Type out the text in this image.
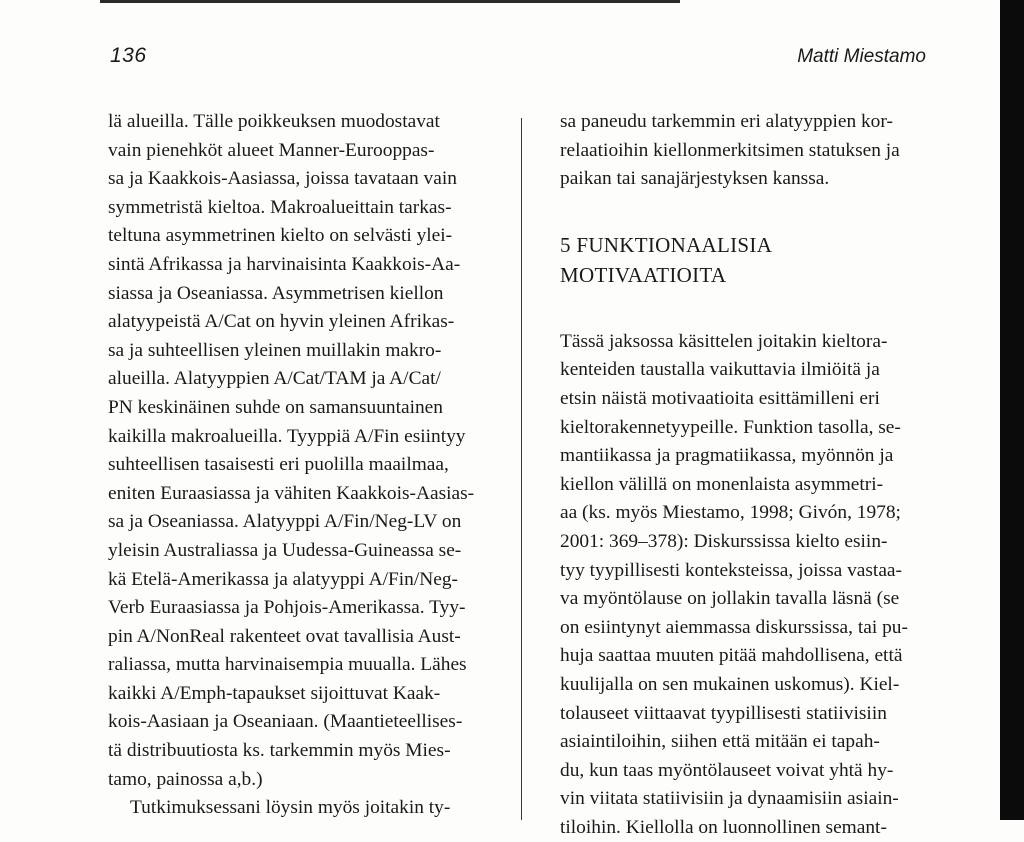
136	Matti Miestamo
lä alueilla. Tälle poikkeuksen muodostavat
vain pienehköt alueet Manner-Eurooppas-
sa ja Kaakkois-Aasiassa, joissa tavataan vain
symmetristä kieltoa. Makroalueittain tarkas-
teltuna asymmetrinen kielto on selvästi ylei-
sintä Afrikassa ja harvinaisinta Kaakkois-Aa-
siassa ja Oseaniassa. Asymmetrisen kiellon
alatyypeistä A/Cat on hyvin yleinen Afrikas-
sa ja suhteellisen yleinen muillakin makro-
alueilla. Alatyyppien A/Cat/TAM ja A/Cat/
PN keskinäinen suhde on samansuuntainen
kaikilla makroalueilla. Tyyppiä A/Fin esiintyy
suhteellisen tasaisesti eri puolilla maailmaa,
eniten Euraasiassa ja vähiten Kaakkois-Aasias-
sa ja Oseaniassa. Alatyyppi A/Fin/Neg-LV on
yleisin Australiassa ja Uudessa-Guineassa se-
kä Etelä-Amerikassa ja alatyyppi A/Fin/Neg-
Verb Euraasiassa ja Pohjois-Amerikassa. Tyy-
pin A/NonReal rakenteet ovat tavallisia Aust-
raliassa, mutta harvinaisempia muualla. Lähes
kaikki A/Emph-tapaukset sijoittuvat Kaak-
kois-Aasiaan ja Oseaniaan. (Maantieteellises-
tä distribuutiosta ks. tarkemmin myös Mies-
tamo, painossa a,b.)
Tutkimuksessani löysin myös joitakin ty-
sa paneudu tarkemmin eri alatyyppien kor-
relaatioihin kiellonmerkitsimen statuksen ja
paikan tai sanajärjestyksen kanssa.
5 FUNKTIONAALISIA
MOTIVAATIOITA
Tässä jaksossa käsittelen joitakin kieltora-
kenteiden taustalla vaikuttavia ilmiöitä ja
etsin näistä motivaatioita esittämilleni eri
kieltorakennetyypeille. Funktion tasolla, se-
mantiikassa ja pragmatiikassa, myönnön ja
kiellon välillä on monenlaista asymmetri-
aa (ks. myös Miestamo, 1998; Givón, 1978;
2001: 369–378): Diskurssissa kielto esiin-
tyy tyypillisesti konteksteissa, joissa vastaa-
va myöntölause on jollakin tavalla läsnä (se
on esiintynyt aiemmassa diskurssissa, tai pu-
huja saattaa muuten pitää mahdollisena, että
kuulijalla on sen mukainen uskomus). Kiel-
tolauseet viittaavat tyypillisesti statiivisiin
asiaintiloihin, siihen että mitään ei tapah-
du, kun taas myöntölauseet voivat yhtä hy-
vin viitata statiivisiin ja dynaamisiin asiain-
tiloihin. Kiellolla on luonnollinen semant-
